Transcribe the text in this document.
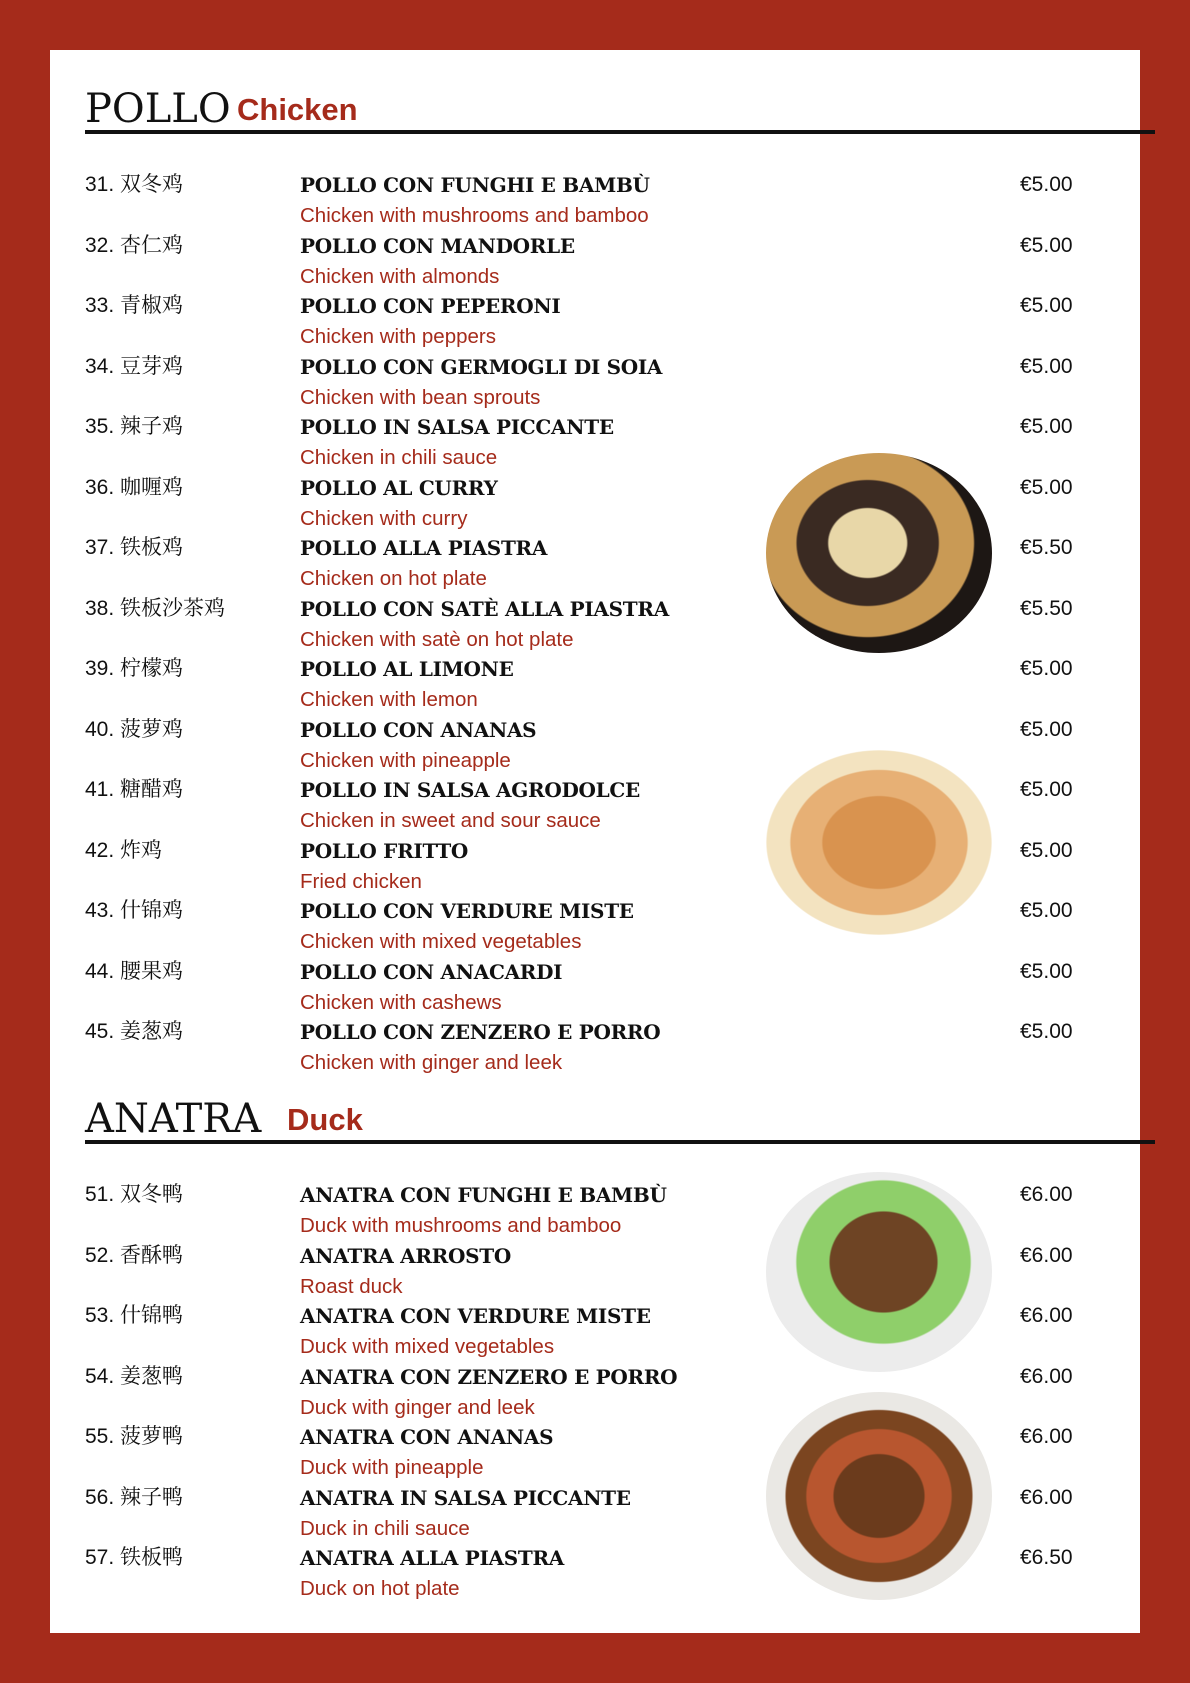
POLLO Chicken
31. 双冬鸡	POLLO CON FUNGHI E BAMBÙ
Chicken with mushrooms and bamboo
€5.00
32. 杏仁鸡	POLLO CON MANDORLE
Chicken with almonds
€5.00
33. 青椒鸡	POLLO CON PEPERONI
Chicken with peppers
€5.00
34. 豆芽鸡	POLLO CON GERMOGLI DI SOIA
Chicken with bean sprouts
€5.00
35. 辣子鸡	POLLO IN SALSA PICCANTE
Chicken in chili sauce
€5.00
36. 咖喱鸡	POLLO AL CURRY
Chicken with curry
€5.00
37. 铁板鸡	POLLO ALLA PIASTRA
Chicken on hot plate
€5.50
38. 铁板沙茶鸡	POLLO CON SATÈ ALLA PIASTRA
Chicken with satè on hot plate
€5.50
39. 柠檬鸡	POLLO AL LIMONE
Chicken with lemon
€5.00
40. 菠萝鸡	POLLO CON ANANAS
Chicken with pineapple
€5.00
41. 糖醋鸡	POLLO IN SALSA AGRODOLCE
Chicken in sweet and sour sauce
€5.00
42. 炸鸡	POLLO FRITTO
Fried chicken
€5.00
43. 什锦鸡	POLLO CON VERDURE MISTE
Chicken with mixed vegetables
€5.00
44. 腰果鸡	POLLO CON ANACARDI
Chicken with cashews
€5.00
45. 姜葱鸡	POLLO CON ZENZERO E PORRO
Chicken with ginger and leek
€5.00
ANATRA Duck
51. 双冬鸭	ANATRA CON FUNGHI E BAMBÙ
Duck with mushrooms and bamboo
€6.00
52. 香酥鸭	ANATRA ARROSTO
Roast duck
€6.00
53. 什锦鸭	ANATRA CON VERDURE MISTE
Duck with mixed vegetables
€6.00
54. 姜葱鸭	ANATRA CON ZENZERO E PORRO
Duck with ginger and leek
€6.00
55. 菠萝鸭	ANATRA CON ANANAS
Duck with pineapple
€6.00
56. 辣子鸭	ANATRA IN SALSA PICCANTE
Duck in chili sauce
€6.00
57. 铁板鸭	ANATRA ALLA PIASTRA
Duck on hot plate
€6.50
